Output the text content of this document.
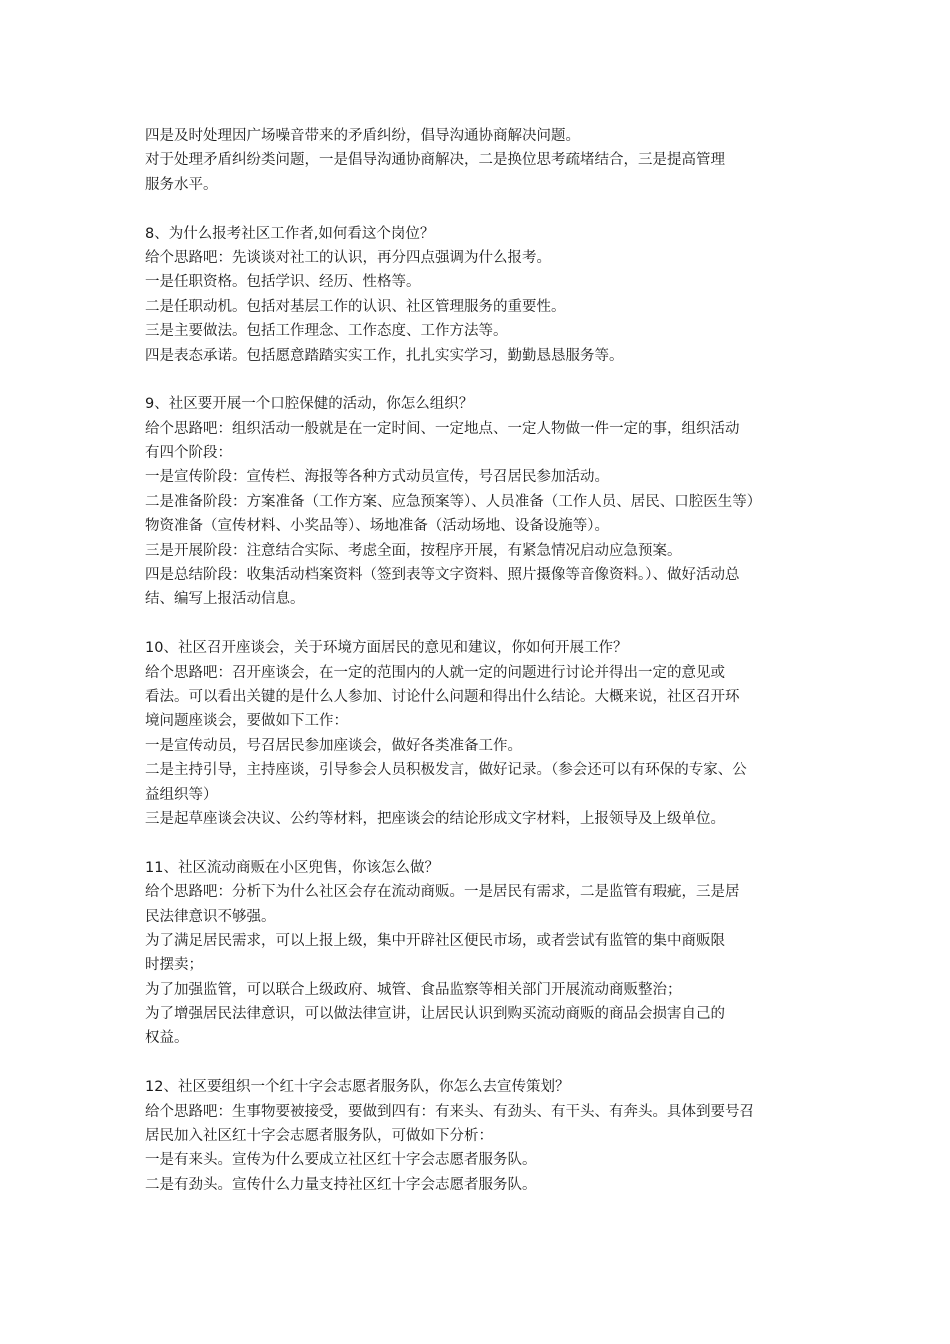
四是及时处理因广场噪音带来的矛盾纠纷，倡导沟通协商解决问题。
对于处理矛盾纠纷类问题，一是倡导沟通协商解决，二是换位思考疏堵结合，三是提高管理
服务水平。
8、为什么报考社区工作者,如何看这个岗位？
给个思路吧：先谈谈对社工的认识，再分四点强调为什么报考。
一是任职资格。包括学识、经历、性格等。
二是任职动机。包括对基层工作的认识、社区管理服务的重要性。
三是主要做法。包括工作理念、工作态度、工作方法等。
四是表态承诺。包括愿意踏踏实实工作，扎扎实实学习，勤勤恳恳服务等。
9、社区要开展一个口腔保健的活动，你怎么组织？
给个思路吧：组织活动一般就是在一定时间、一定地点、一定人物做一件一定的事，组织活动
有四个阶段：
一是宣传阶段：宣传栏、海报等各种方式动员宣传，号召居民参加活动。
二是准备阶段：方案准备（工作方案、应急预案等）、人员准备（工作人员、居民、口腔医生等）
物资准备（宣传材料、小奖品等）、场地准备（活动场地、设备设施等）。
三是开展阶段：注意结合实际、考虑全面，按程序开展，有紧急情况启动应急预案。
四是总结阶段：收集活动档案资料（签到表等文字资料、照片摄像等音像资料。）、做好活动总
结、编写上报活动信息。
10、社区召开座谈会，关于环境方面居民的意见和建议，你如何开展工作？
给个思路吧：召开座谈会，在一定的范围内的人就一定的问题进行讨论并得出一定的意见或
看法。可以看出关键的是什么人参加、讨论什么问题和得出什么结论。大概来说，社区召开环
境问题座谈会，要做如下工作：
一是宣传动员，号召居民参加座谈会，做好各类准备工作。
二是主持引导，主持座谈，引导参会人员积极发言，做好记录。（参会还可以有环保的专家、公
益组织等）
三是起草座谈会决议、公约等材料，把座谈会的结论形成文字材料，上报领导及上级单位。
11、社区流动商贩在小区兜售，你该怎么做？
给个思路吧：分析下为什么社区会存在流动商贩。一是居民有需求，二是监管有瑕疵，三是居
民法律意识不够强。
为了满足居民需求，可以上报上级，集中开辟社区便民市场，或者尝试有监管的集中商贩限
时摆卖；
为了加强监管，可以联合上级政府、城管、食品监察等相关部门开展流动商贩整治；
为了增强居民法律意识，可以做法律宣讲，让居民认识到购买流动商贩的商品会损害自己的
权益。
12、社区要组织一个红十字会志愿者服务队，你怎么去宣传策划？
给个思路吧：生事物要被接受，要做到四有：有来头、有劲头、有干头、有奔头。具体到要号召
居民加入社区红十字会志愿者服务队，可做如下分析：
一是有来头。宣传为什么要成立社区红十字会志愿者服务队。
二是有劲头。宣传什么力量支持社区红十字会志愿者服务队。
